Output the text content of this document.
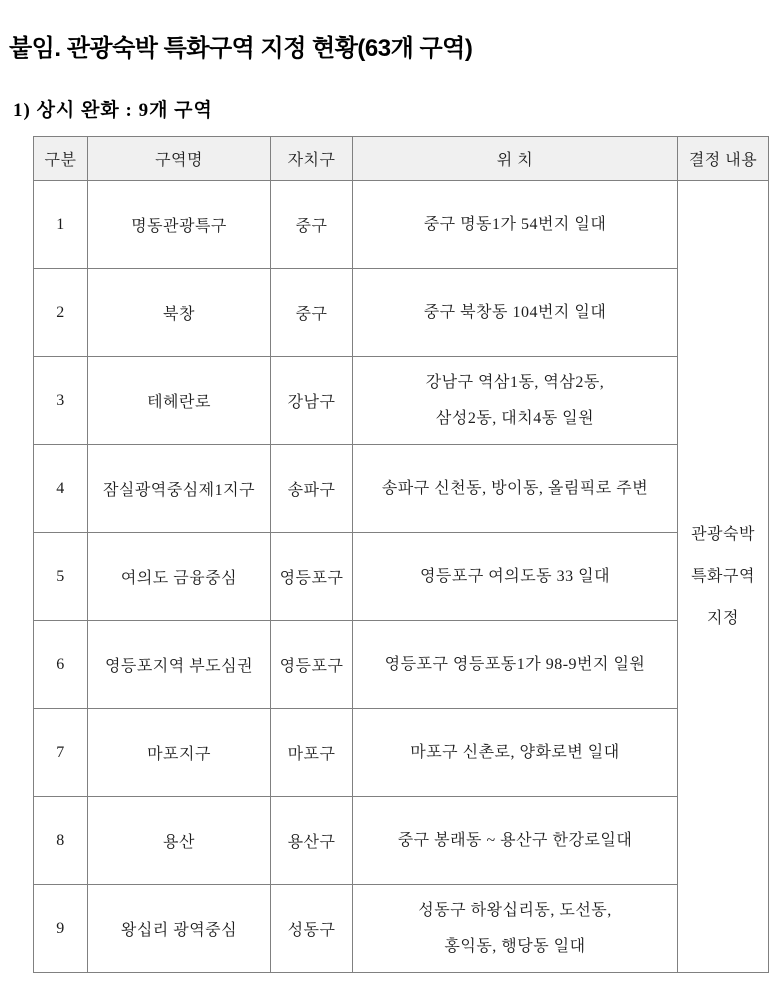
붙임. 관광숙박 특화구역 지정 현황(63개 구역)
1) 상시 완화 : 9개 구역
구분	구역명	자치구	위 치	결정 내용
1	명동관광특구	중구	중구 명동1가 54번지 일대	관광숙박
특화구역
지정

2	북창	중구	중구 북창동 104번지 일대	

3	테헤란로	강남구	강남구 역삼1동, 역삼2동,
삼성2동, 대치4동 일원	

4	잠실광역중심제1지구	송파구	송파구 신천동, 방이동, 올림픽로 주변	

5	여의도 금융중심	영등포구	영등포구 여의도동 33 일대	

6	영등포지역 부도심권	영등포구	영등포구 영등포동1가 98-9번지 일원	

7	마포지구	마포구	마포구 신촌로, 양화로변 일대	

8	용산	용산구	중구 봉래동 ~ 용산구 한강로일대	

9	왕십리 광역중심	성동구	성동구 하왕십리동, 도선동,
홍익동, 행당동 일대	
